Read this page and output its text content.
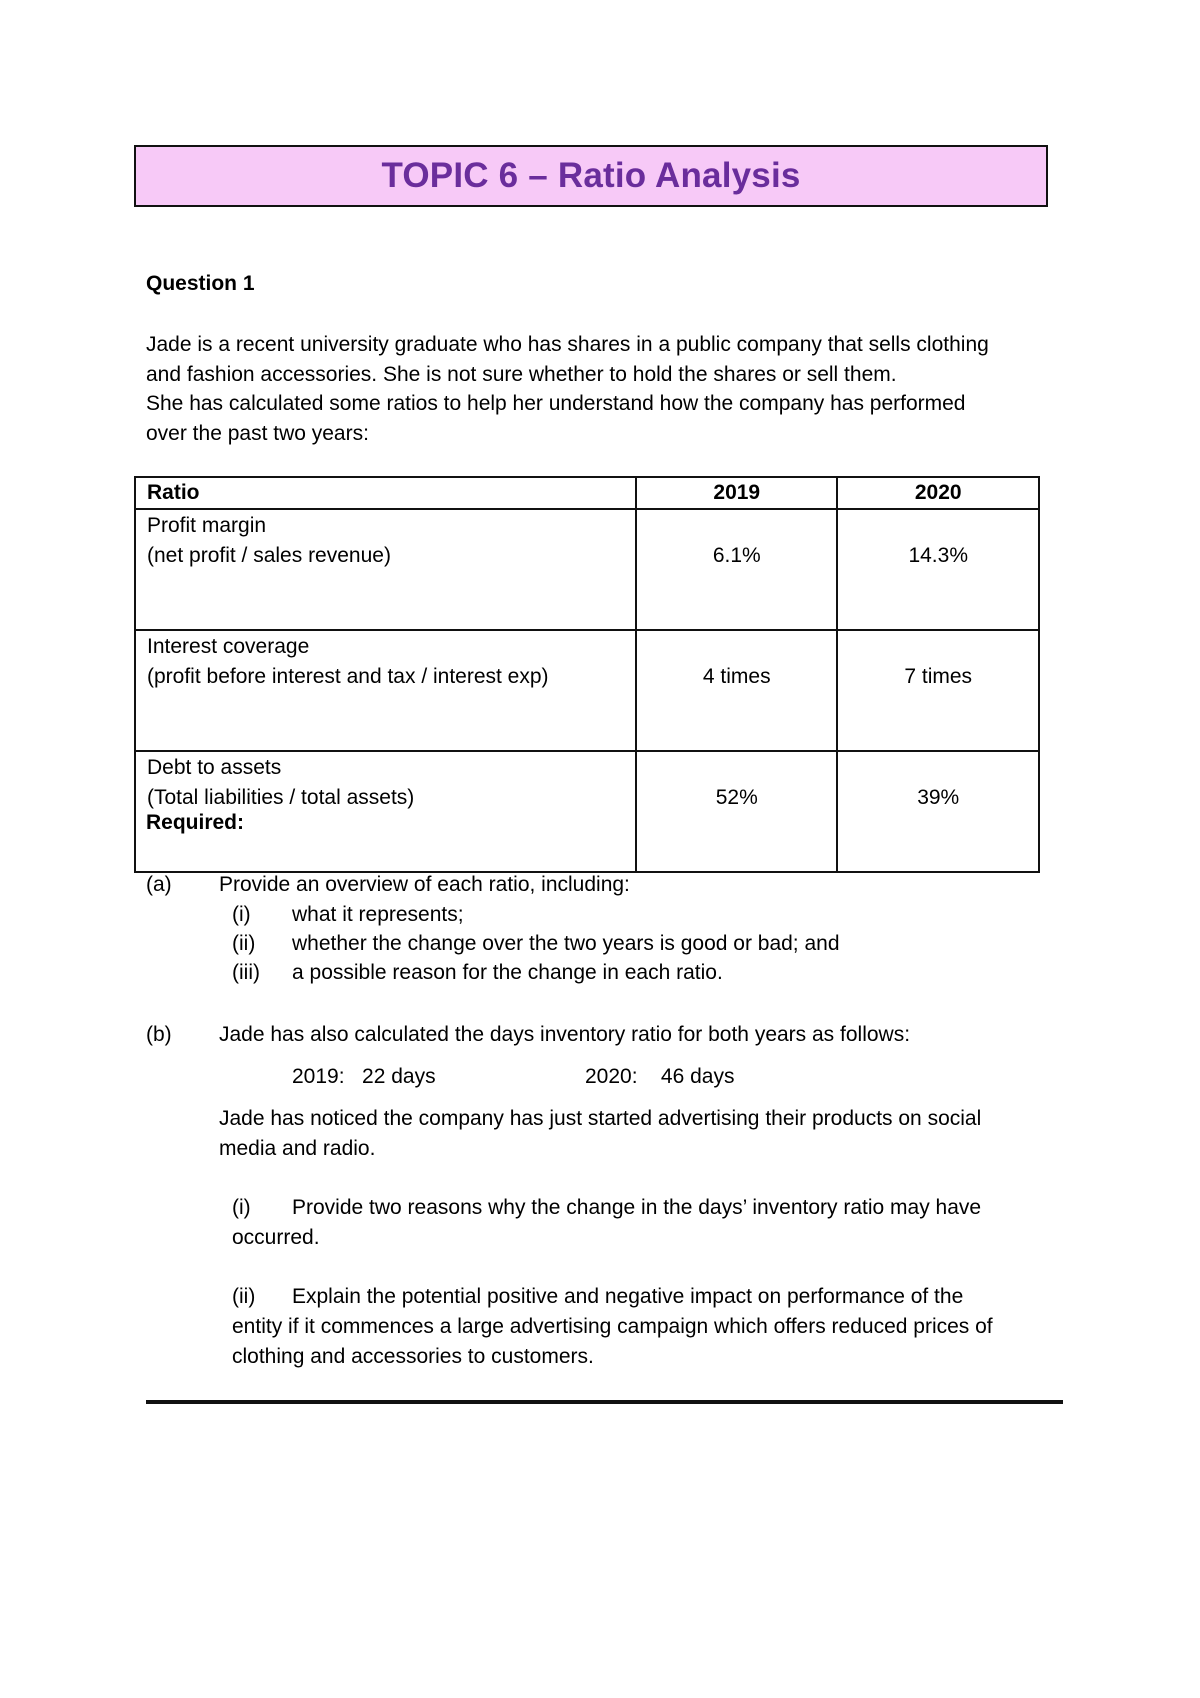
TOPIC 6 – Ratio Analysis
Question 1

Jade is a recent university graduate who has shares in a public company that sells clothing

and fashion accessories. She is not sure whether to hold the shares or sell them.

She has calculated some ratios to help her understand how the company has performed

over the past two years:

Ratio	2019	2020

Profit margin
(net profit / sales revenue)	6.1%	14.3%

Interest coverage
(profit before interest and tax / interest exp)	4 times	7 times

Debt to assets
(Total liabilities / total assets)	52%	39%
Required:
(a) Provide an overview of each ratio, including:
(i) what it represents;
(ii) whether the change over the two years is good or bad; and
(iii) a possible reason for the change in each ratio.
(b) Jade has also calculated the days inventory ratio for both years as follows:
2019:   22 days	2020:    46 days
Jade has noticed the company has just started advertising their products on social
media and radio.
(i) Provide two reasons why the change in the days’ inventory ratio may have
occurred.
(ii) Explain the potential positive and negative impact on performance of the
entity if it commences a large advertising campaign which offers reduced prices of
clothing and accessories to customers.
